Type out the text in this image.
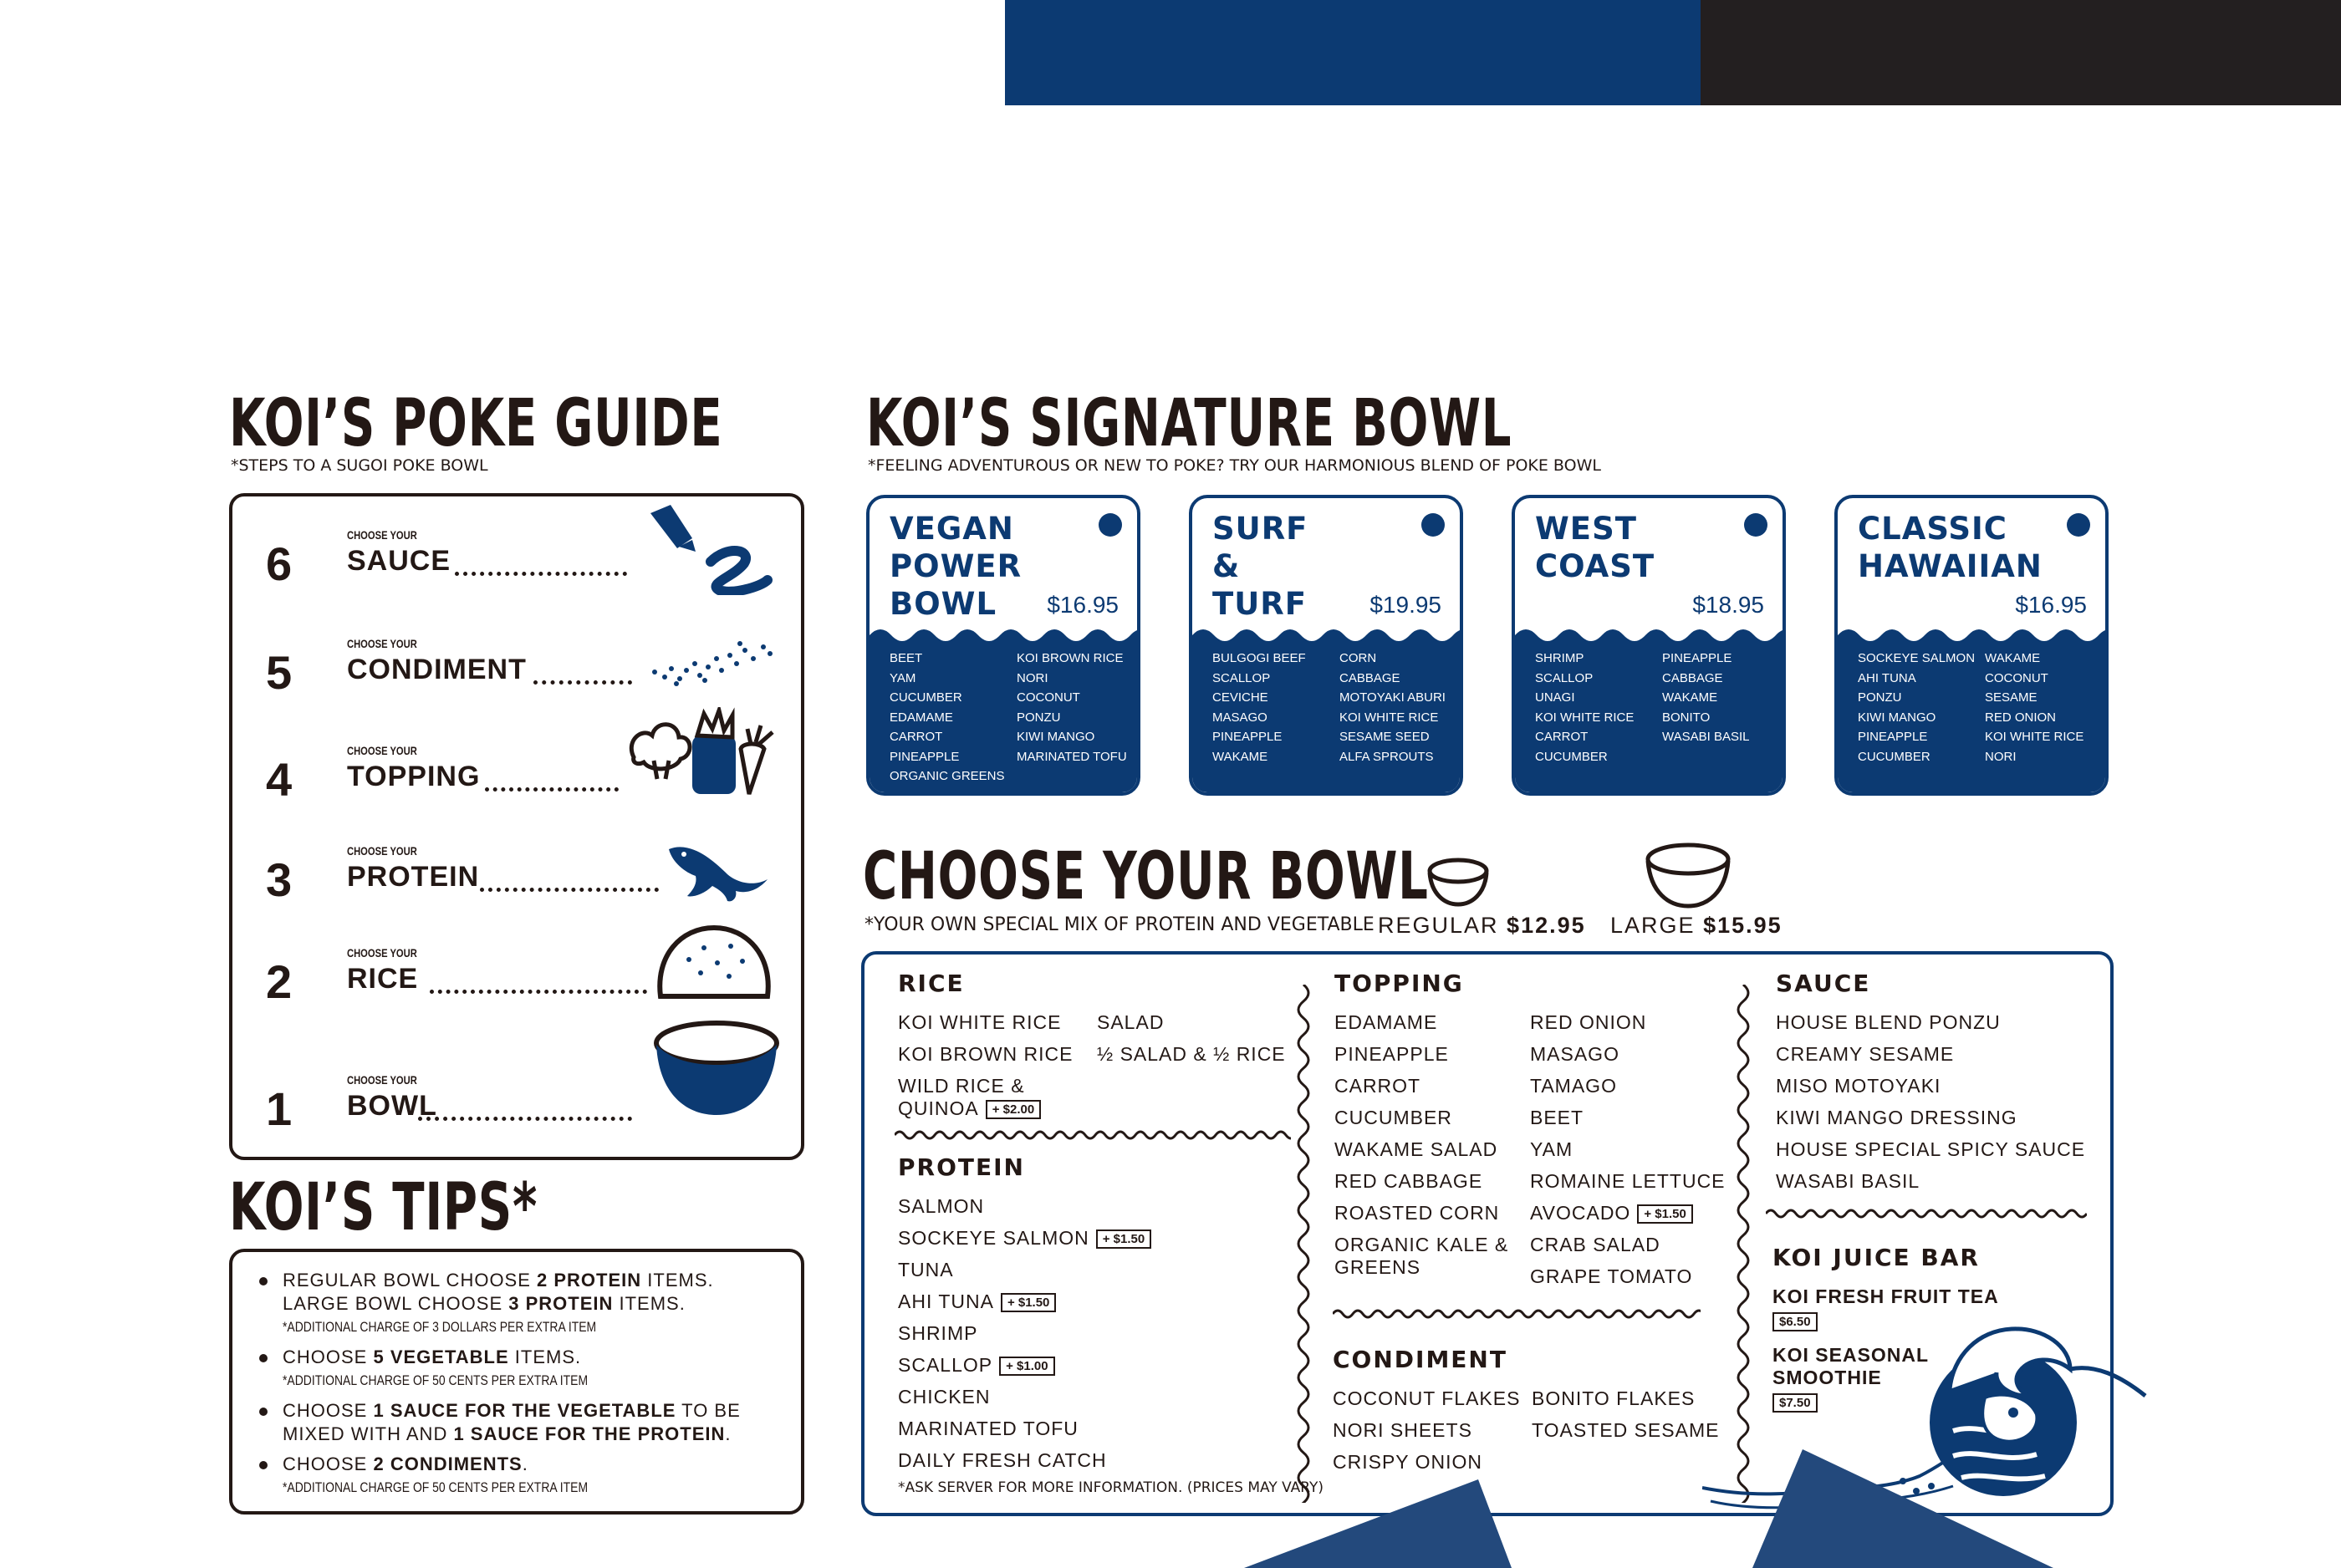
KOI’S POKE GUIDE
*STEPS TO A SUGOI POKE BOWL
6
CHOOSE YOUR
SAUCE
5
CHOOSE YOUR
CONDIMENT
4
CHOOSE YOUR
TOPPING
3
CHOOSE YOUR
PROTEIN
2
CHOOSE YOUR
RICE
1
CHOOSE YOUR
BOWL
KOI’S TIPS*
REGULAR BOWL CHOOSE 2 PROTEIN ITEMS.
LARGE BOWL CHOOSE 3 PROTEIN ITEMS.
*ADDITIONAL CHARGE OF 3 DOLLARS PER EXTRA ITEM
CHOOSE 5 VEGETABLE ITEMS.
*ADDITIONAL CHARGE OF 50 CENTS PER EXTRA ITEM
CHOOSE 1 SAUCE FOR THE VEGETABLE TO BE
MIXED WITH AND 1 SAUCE FOR THE PROTEIN.
CHOOSE 2 CONDIMENTS.
*ADDITIONAL CHARGE OF 50 CENTS PER EXTRA ITEM
KOI’S SIGNATURE BOWL
*FEELING ADVENTUROUS OR NEW TO POKE? TRY OUR HARMONIOUS BLEND OF POKE BOWL
VEGAN
POWER
BOWL	$16.95
BEET
YAM
CUCUMBER
EDAMAME
CARROT
PINEAPPLE
ORGANIC GREENS
KOI BROWN RICE
NORI
COCONUT
PONZU
KIWI MANGO
MARINATED TOFU
SURF
&
TURF	$19.95
BULGOGI BEEF
SCALLOP
CEVICHE
MASAGO
PINEAPPLE
WAKAME
CORN
CABBAGE
MOTOYAKI ABURI
KOI WHITE RICE
SESAME SEED
ALFA SPROUTS
WEST
COAST
$18.95
SHRIMP
SCALLOP
UNAGI
KOI WHITE RICE
CARROT
CUCUMBER
PINEAPPLE
CABBAGE
WAKAME
BONITO
WASABI BASIL
CLASSIC
HAWAIIAN
$16.95
SOCKEYE SALMON
AHI TUNA
PONZU
KIWI MANGO
PINEAPPLE
CUCUMBER
WAKAME
COCONUT
SESAME
RED ONION
KOI WHITE RICE
NORI
CHOOSE YOUR BOWL
*YOUR OWN SPECIAL MIX OF PROTEIN AND VEGETABLE REGULAR $12.95 LARGE $15.95
RICE
KOI WHITE RICE
KOI BROWN RICE
WILD RICE &
QUINOA + $2.00
SALAD
½ SALAD & ½ RICE
PROTEIN
SALMON
SOCKEYE SALMON + $1.50
TUNA
AHI TUNA + $1.50
SHRIMP
SCALLOP + $1.00
CHICKEN
MARINATED TOFU
DAILY FRESH CATCH
*ASK SERVER FOR MORE INFORMATION. (PRICES MAY VARY)
TOPPING
EDAMAME
PINEAPPLE
CARROT
CUCUMBER
WAKAME SALAD
RED CABBAGE
ROASTED CORN
ORGANIC KALE &
GREENS
RED ONION
MASAGO
TAMAGO
BEET
YAM
ROMAINE LETTUCE
AVOCADO + $1.50
CRAB SALAD
GRAPE TOMATO
CONDIMENT
COCONUT FLAKES
NORI SHEETS
CRISPY ONION
BONITO FLAKES
TOASTED SESAME
SAUCE
HOUSE BLEND PONZU
CREAMY SESAME
MISO MOTOYAKI
KIWI MANGO DRESSING
HOUSE SPECIAL SPICY SAUCE
WASABI BASIL
KOI JUICE BAR
KOI FRESH FRUIT TEA
$6.50
KOI SEASONAL
SMOOTHIE
$7.50
